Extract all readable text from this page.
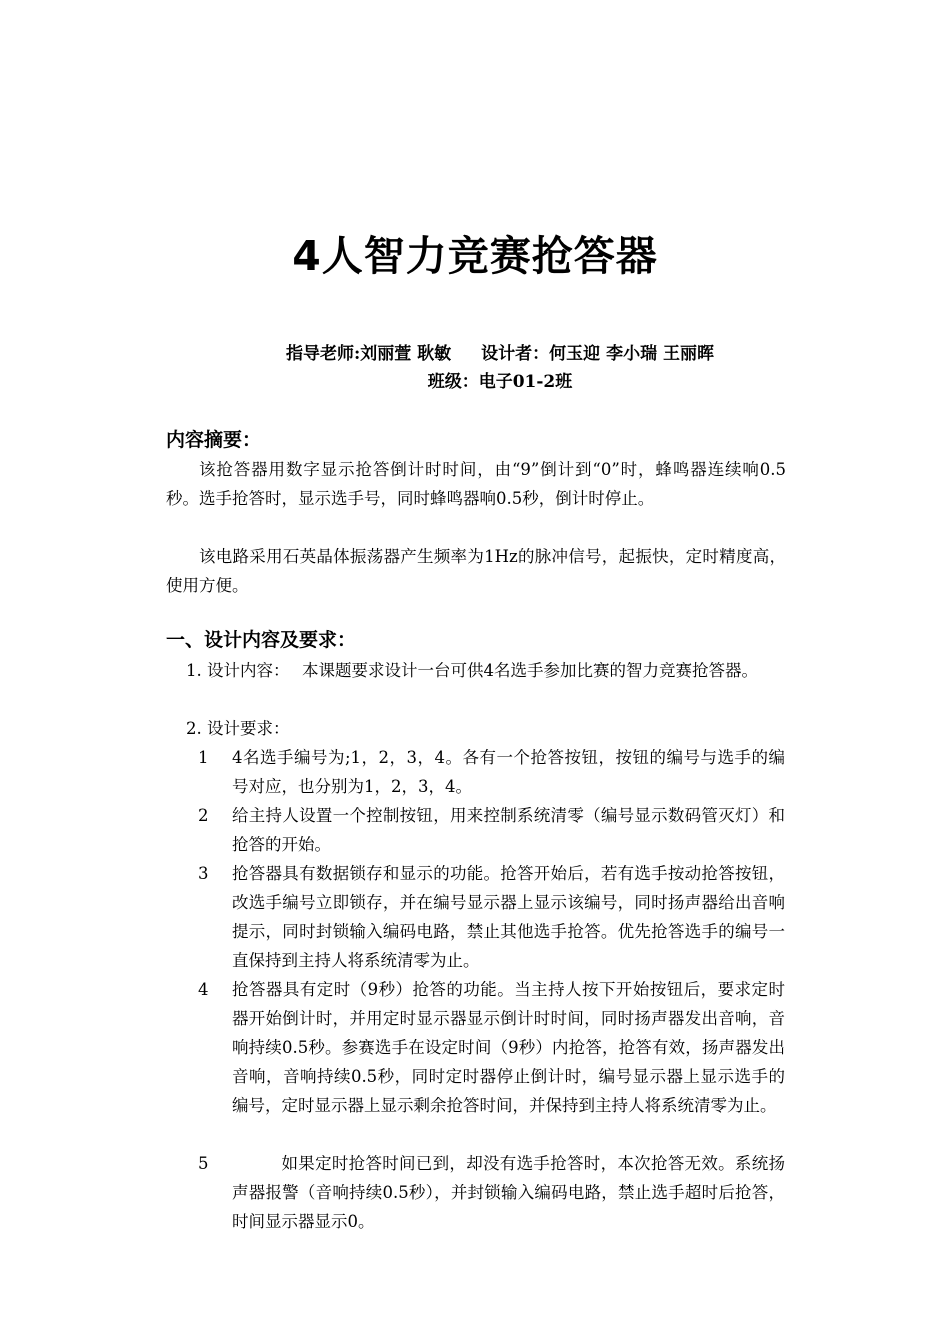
4人智力竞赛抢答器
指导老师:刘丽萱 耿敏 设计者：何玉迎 李小瑞 王丽晖
班级：电子01-2班
内容摘要：

该抢答器用数字显示抢答倒计时时间，由“9”倒计到“0”时，蜂鸣器连续响0.5秒。选手抢答时，显示选手号，同时蜂鸣器响0.5秒，倒计时停止。

该电路采用石英晶体振荡器产生频率为1Hz的脉冲信号，起振快，定时精度高，使用方便。

一、设计内容及要求：
1. 设计内容： 本课题要求设计一台可供4名选手参加比赛的智力竞赛抢答器。
2. 设计要求：
1	4名选手编号为;1，2，3，4。各有一个抢答按钮，按钮的编号与选手的编号对应，也分别为1，2，3，4。

2	给主持人设置一个控制按钮，用来控制系统清零（编号显示数码管灭灯）和抢答的开始。

3	抢答器具有数据锁存和显示的功能。抢答开始后，若有选手按动抢答按钮，改选手编号立即锁存，并在编号显示器上显示该编号，同时扬声器给出音响提示，同时封锁输入编码电路，禁止其他选手抢答。优先抢答选手的编号一直保持到主持人将系统清零为止。

4	抢答器具有定时（9秒）抢答的功能。当主持人按下开始按钮后，要求定时器开始倒计时，并用定时显示器显示倒计时时间，同时扬声器发出音响，音响持续0.5秒。参赛选手在设定时间（9秒）内抢答，抢答有效，扬声器发出音响，音响持续0.5秒，同时定时器停止倒计时，编号显示器上显示选手的编号，定时显示器上显示剩余抢答时间，并保持到主持人将系统清零为止。

5	如果定时抢答时间已到，却没有选手抢答时，本次抢答无效。系统扬声器报警（音响持续0.5秒），并封锁输入编码电路，禁止选手超时后抢答，时间显示器显示0。
